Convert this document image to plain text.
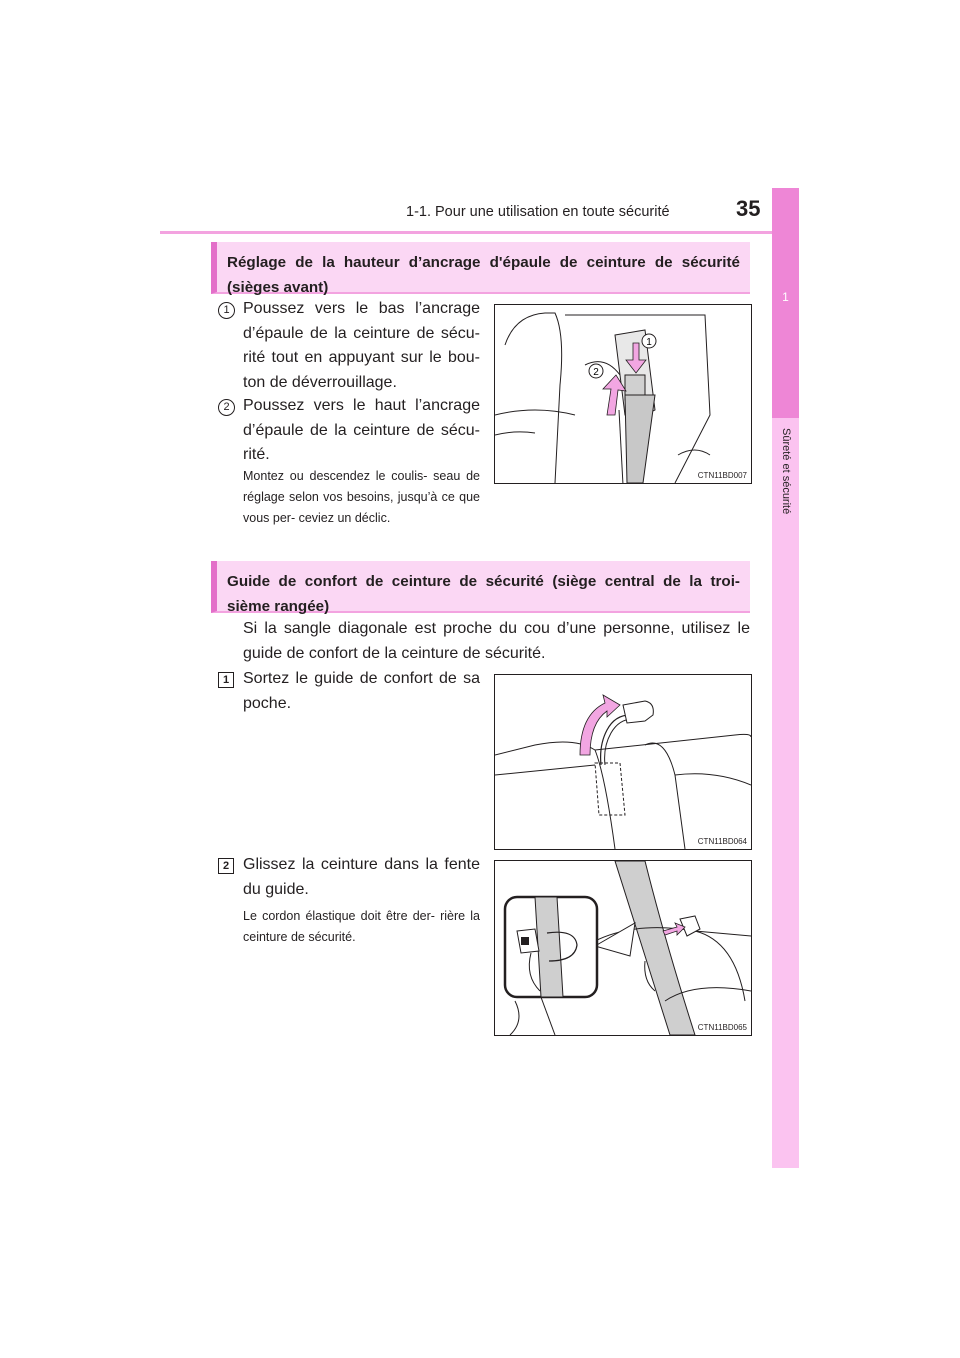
1-1. Pour une utilisation en toute sécurité	35
1
Sûreté et sécurité
Réglage de la hauteur d’ancrage d'épaule de ceinture de sécurité (sièges avant)
1 Poussez vers le bas l’ancrage d’épaule de la ceinture de sécu- rité tout en appuyant sur le bou- ton de déverrouillage.
2 Poussez vers le haut l’ancrage d’épaule de la ceinture de sécu- rité.
Montez ou descendez le coulis- seau de réglage selon vos besoins, jusqu’à ce que vous per- ceviez un déclic.
1
2
CTN11BD007
Guide de confort de ceinture de sécurité (siège central de la troi- sième rangée)
Si la sangle diagonale est proche du cou d’une personne, utilisez le guide de confort de la ceinture de sécurité.
1 Sortez le guide de confort de sa poche.
CTN11BD064
2 Glissez la ceinture dans la fente du guide.
Le cordon élastique doit être der- rière la ceinture de sécurité.
CTN11BD065
